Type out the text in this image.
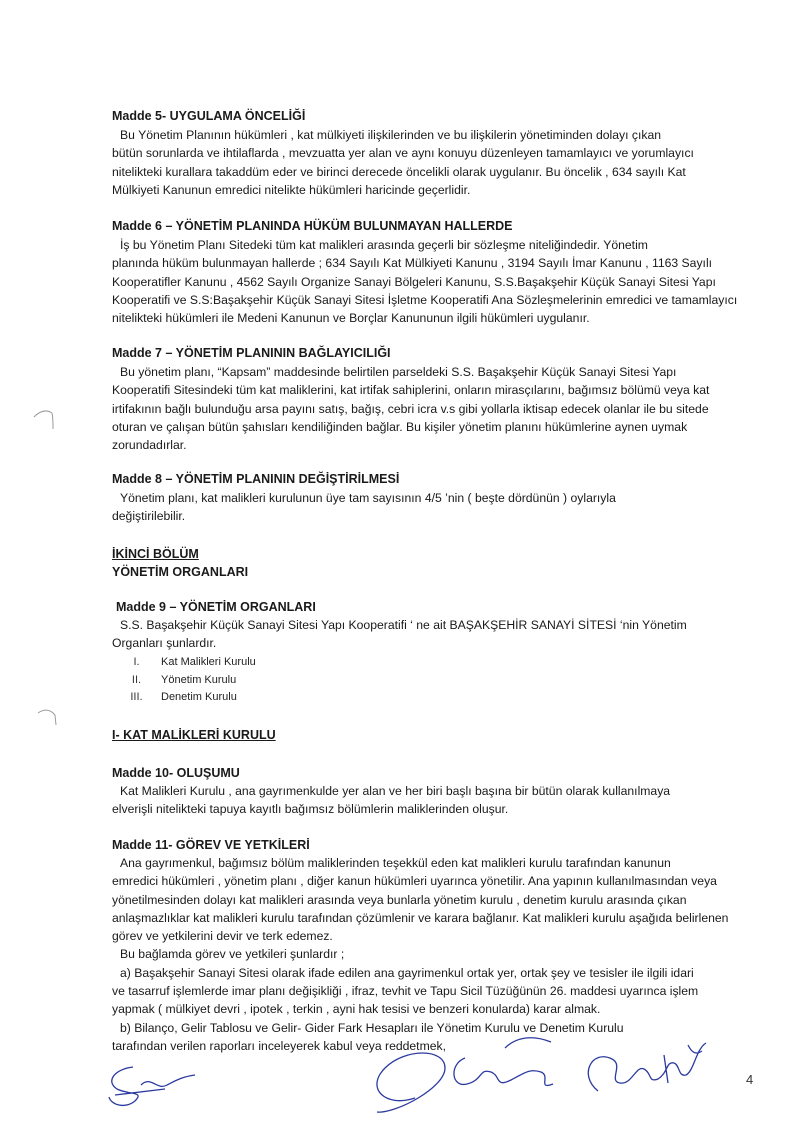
Madde 5- UYGULAMA ÖNCELİĞİ

Bu Yönetim Planının hükümleri , kat mülkiyeti ilişkilerinden ve bu ilişkilerin yönetiminden dolayı çıkan

bütün sorunlarda ve ihtilaflarda , mevzuatta yer alan ve aynı konuyu düzenleyen tamamlayıcı ve yorumlayıcı

nitelikteki kurallara takaddüm eder ve birinci derecede öncelikli olarak uygulanır. Bu öncelik , 634 sayılı Kat

Mülkiyeti Kanunun emredici nitelikte hükümleri haricinde geçerlidir.

Madde 6 – YÖNETİM PLANINDA HÜKÜM BULUNMAYAN HALLERDE

İş bu Yönetim Planı Sitedeki tüm kat malikleri arasında geçerli bir sözleşme niteliğindedir. Yönetim

planında hüküm bulunmayan hallerde ; 634 Sayılı Kat Mülkiyeti Kanunu , 3194 Sayılı İmar Kanunu , 1163 Sayılı

Kooperatifler Kanunu , 4562 Sayılı Organize Sanayi Bölgeleri Kanunu, S.S.Başakşehir Küçük Sanayi Sitesi Yapı

Kooperatifi ve S.S:Başakşehir Küçük Sanayi Sitesi İşletme Kooperatifi Ana Sözleşmelerinin emredici ve tamamlayıcı

nitelikteki hükümleri ile Medeni Kanunun ve Borçlar Kanununun ilgili hükümleri uygulanır.

Madde 7 – YÖNETİM PLANININ BAĞLAYICILIĞI

Bu yönetim planı, “Kapsam” maddesinde belirtilen parseldeki S.S. Başakşehir Küçük Sanayi Sitesi Yapı

Kooperatifi Sitesindeki tüm kat maliklerini, kat irtifak sahiplerini, onların mirasçılarını, bağımsız bölümü veya kat

irtifakının bağlı bulunduğu arsa payını satış, bağış, cebri icra v.s gibi yollarla iktisap edecek olanlar ile bu sitede

oturan ve çalışan bütün şahısları kendiliğinden bağlar. Bu kişiler yönetim planını hükümlerine aynen uymak

zorundadırlar.

Madde 8 – YÖNETİM PLANININ DEĞİŞTİRİLMESİ

Yönetim planı, kat malikleri kurulunun üye tam sayısının 4/5 ’nin ( beşte dördünün ) oylarıyla

değiştirilebilir.

İKİNCİ BÖLÜM

YÖNETİM ORGANLARI

Madde 9 – YÖNETİM ORGANLARI

S.S. Başakşehir Küçük Sanayi Sitesi Yapı Kooperatifi ‘ ne ait BAŞAKŞEHİR SANAYİ SİTESİ ‘nin Yönetim

Organları şunlardır.

I.	Kat Malikleri Kurulu
II.	Yönetim Kurulu
III.	Denetim Kurulu

I- KAT MALİKLERİ KURULU

Madde 10- OLUŞUMU

Kat Malikleri Kurulu , ana gayrımenkulde yer alan ve her biri başlı başına bir bütün olarak kullanılmaya

elverişli nitelikteki tapuya kayıtlı bağımsız bölümlerin maliklerinden oluşur.

Madde 11- GÖREV VE YETKİLERİ

Ana gayrımenkul, bağımsız bölüm maliklerinden teşekkül eden kat malikleri kurulu tarafından kanunun

emredici hükümleri , yönetim planı , diğer kanun hükümleri uyarınca yönetilir. Ana yapının kullanılmasından veya

yönetilmesinden dolayı kat malikleri arasında veya bunlarla yönetim kurulu , denetim kurulu arasında çıkan

anlaşmazlıklar kat malikleri kurulu tarafından çözümlenir ve karara bağlanır. Kat malikleri kurulu aşağıda belirlenen

görev ve yetkilerini devir ve terk edemez.

Bu bağlamda görev ve yetkileri şunlardır ;

a) Başakşehir Sanayi Sitesi olarak ifade edilen ana gayrimenkul ortak yer, ortak şey ve tesisler ile ilgili idari

ve tasarruf işlemlerde imar planı değişikliği , ifraz, tevhit ve Tapu Sicil Tüzüğünün 26. maddesi uyarınca işlem

yapmak ( mülkiyet devri , ipotek , terkin , ayni hak tesisi ve benzeri konularda) karar almak.

b) Bilanço, Gelir Tablosu ve Gelir- Gider Fark Hesapları ile Yönetim Kurulu ve Denetim Kurulu

tarafından verilen raporları inceleyerek kabul veya reddetmek,

4
